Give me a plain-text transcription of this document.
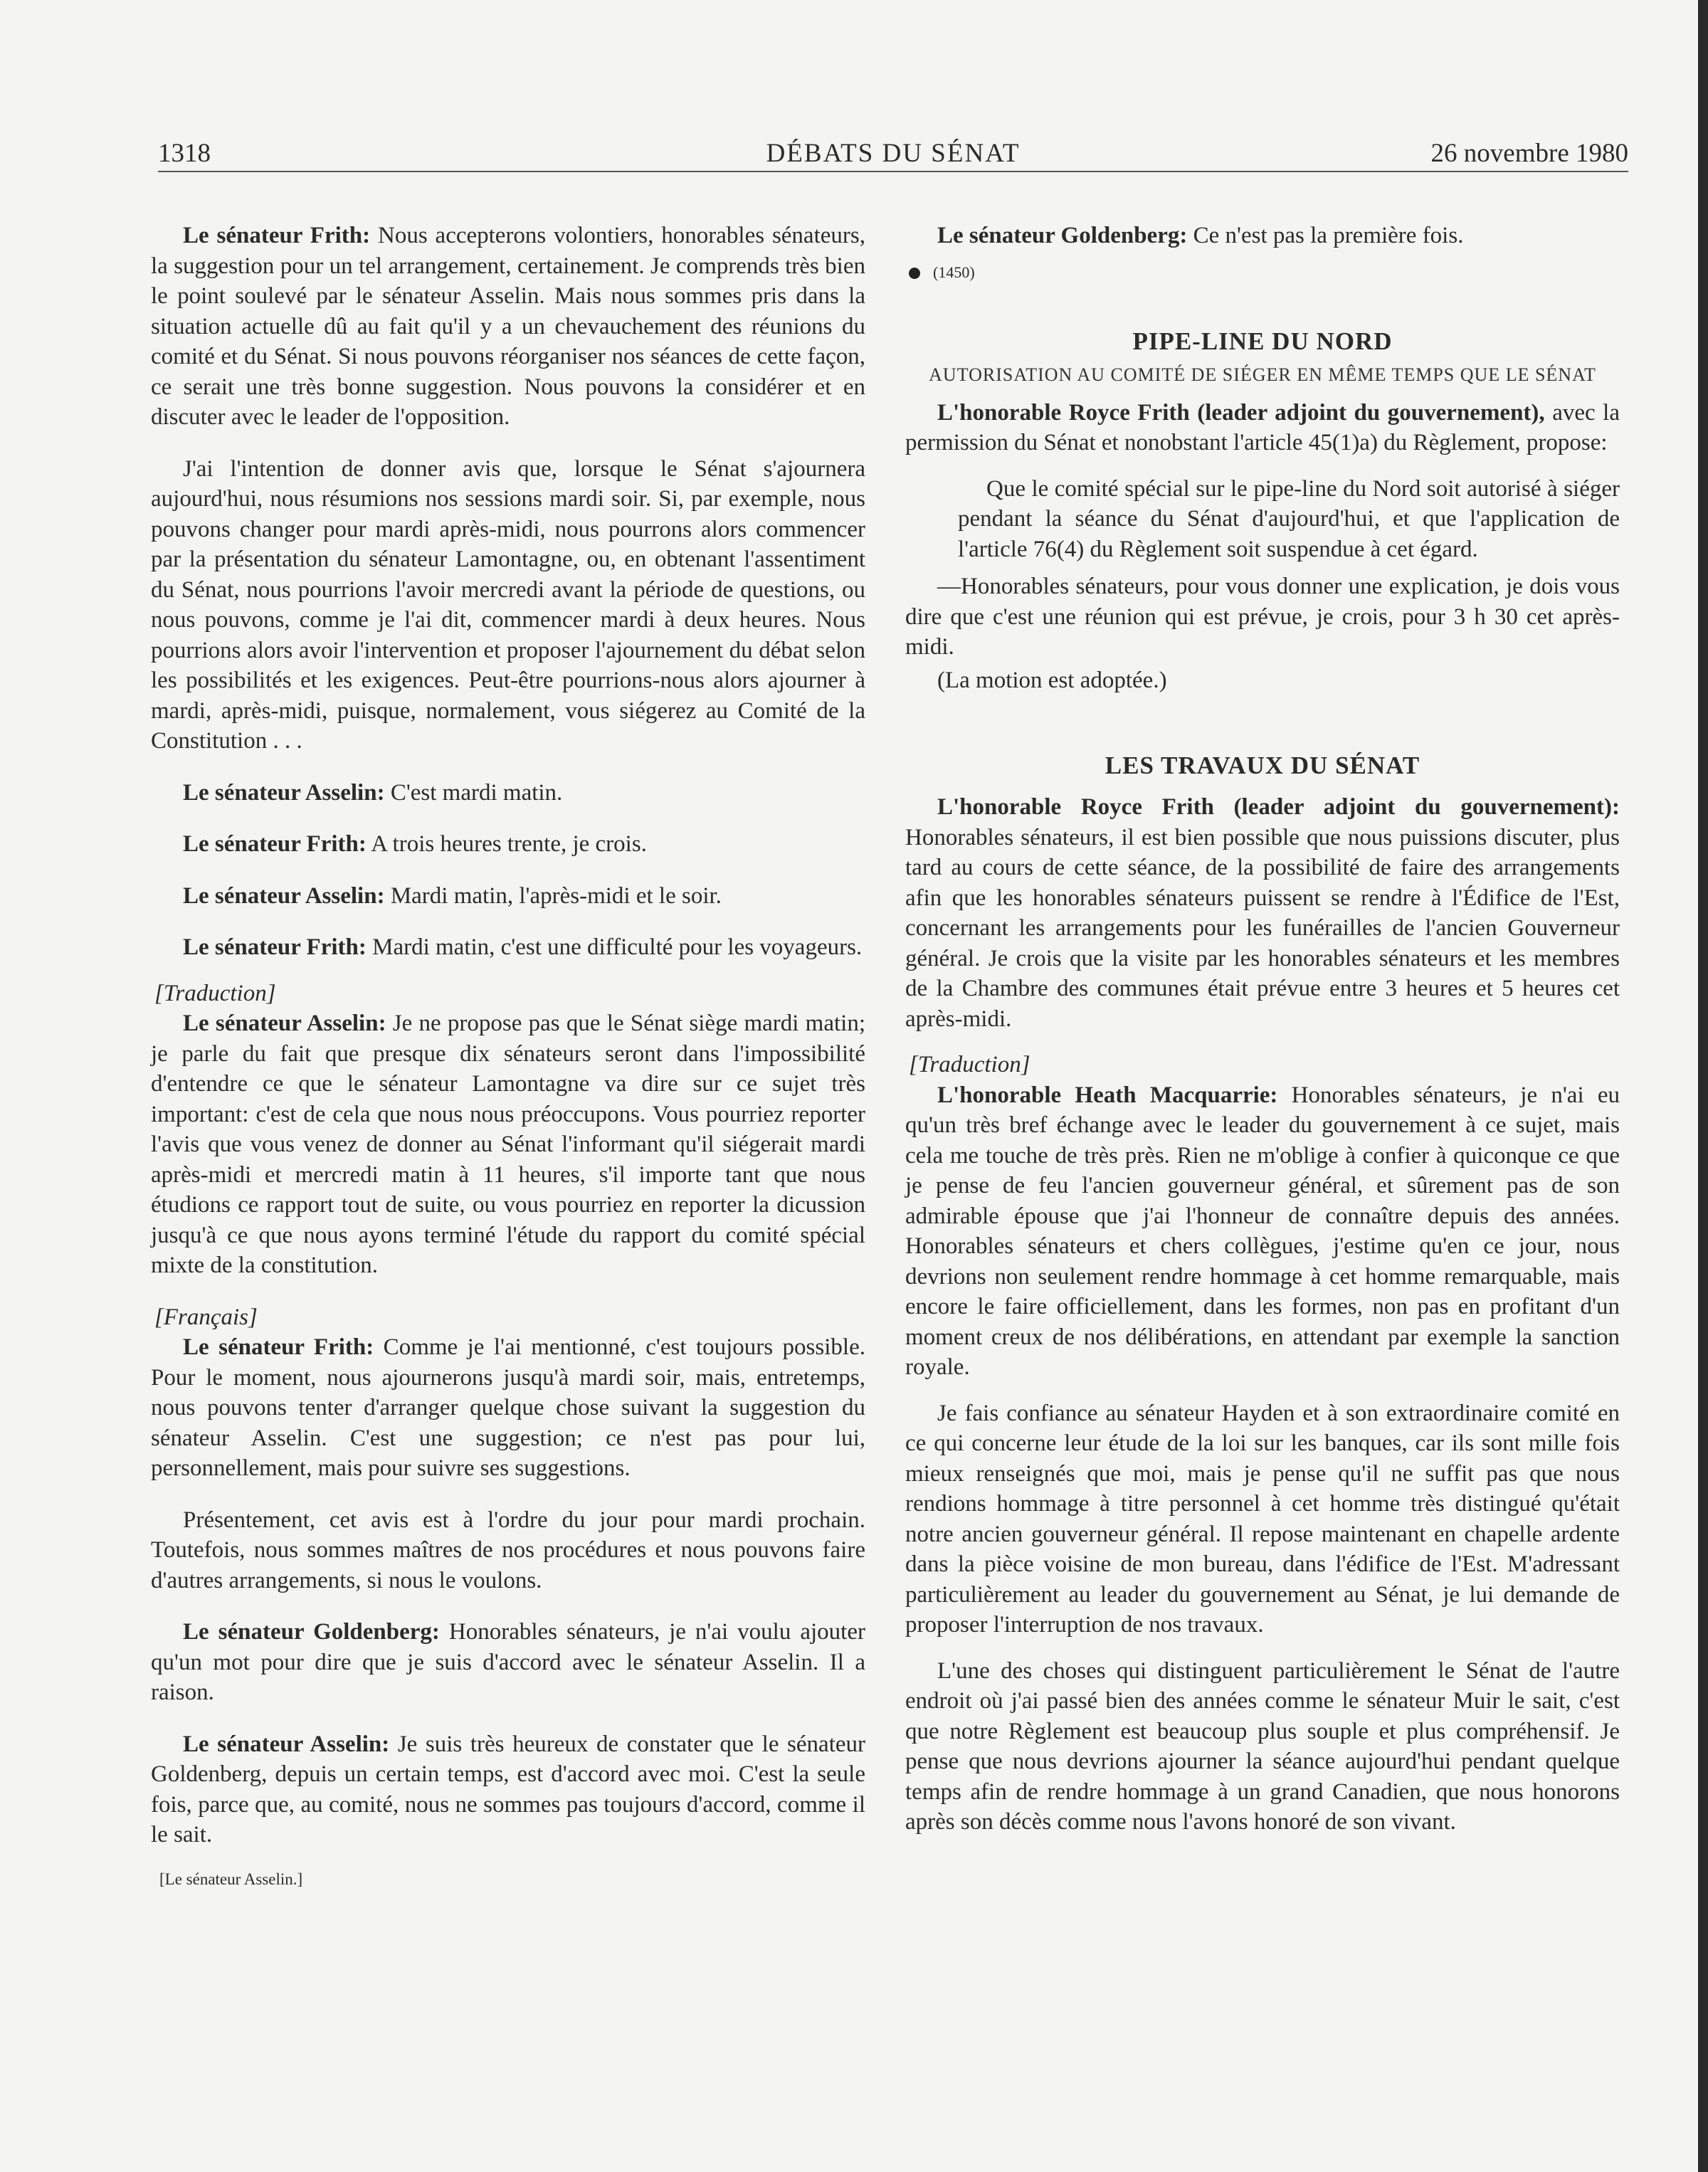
1318	DÉBATS DU SÉNAT	26 novembre 1980

Le sénateur Frith: Nous accepterons volontiers, honorables sénateurs, la suggestion pour un tel arrangement, certainement. Je comprends très bien le point soulevé par le sénateur Asselin. Mais nous sommes pris dans la situation actuelle dû au fait qu'il y a un chevauchement des réunions du comité et du Sénat. Si nous pouvons réorganiser nos séances de cette façon, ce serait une très bonne suggestion. Nous pouvons la considérer et en discuter avec le leader de l'opposition.

J'ai l'intention de donner avis que, lorsque le Sénat s'ajournera aujourd'hui, nous résumions nos sessions mardi soir. Si, par exemple, nous pouvons changer pour mardi après-midi, nous pourrons alors commencer par la présentation du sénateur Lamontagne, ou, en obtenant l'assentiment du Sénat, nous pourrions l'avoir mercredi avant la période de questions, ou nous pouvons, comme je l'ai dit, commencer mardi à deux heures. Nous pourrions alors avoir l'intervention et proposer l'ajournement du débat selon les possibilités et les exigences. Peut-être pourrions-nous alors ajourner à mardi, après-midi, puisque, normalement, vous siégerez au Comité de la Constitution . . .

Le sénateur Asselin: C'est mardi matin.

Le sénateur Frith: A trois heures trente, je crois.

Le sénateur Asselin: Mardi matin, l'après-midi et le soir.

Le sénateur Frith: Mardi matin, c'est une difficulté pour les voyageurs.

[Traduction]

Le sénateur Asselin: Je ne propose pas que le Sénat siège mardi matin; je parle du fait que presque dix sénateurs seront dans l'impossibilité d'entendre ce que le sénateur Lamontagne va dire sur ce sujet très important: c'est de cela que nous nous préoccupons. Vous pourriez reporter l'avis que vous venez de donner au Sénat l'informant qu'il siégerait mardi après-midi et mercredi matin à 11 heures, s'il importe tant que nous étudions ce rapport tout de suite, ou vous pourriez en reporter la dicussion jusqu'à ce que nous ayons terminé l'étude du rapport du comité spécial mixte de la constitution.

[Français]

Le sénateur Frith: Comme je l'ai mentionné, c'est toujours possible. Pour le moment, nous ajournerons jusqu'à mardi soir, mais, entretemps, nous pouvons tenter d'arranger quelque chose suivant la suggestion du sénateur Asselin. C'est une suggestion; ce n'est pas pour lui, personnellement, mais pour suivre ses suggestions.

Présentement, cet avis est à l'ordre du jour pour mardi prochain. Toutefois, nous sommes maîtres de nos procédures et nous pouvons faire d'autres arrangements, si nous le voulons.

Le sénateur Goldenberg: Honorables sénateurs, je n'ai voulu ajouter qu'un mot pour dire que je suis d'accord avec le sénateur Asselin. Il a raison.

Le sénateur Asselin: Je suis très heureux de constater que le sénateur Goldenberg, depuis un certain temps, est d'accord avec moi. C'est la seule fois, parce que, au comité, nous ne sommes pas toujours d'accord, comme il le sait.

[Le sénateur Asselin.]

Le sénateur Goldenberg: Ce n'est pas la première fois.

(1450)

PIPE-LINE DU NORD

AUTORISATION AU COMITÉ DE SIÉGER EN MÊME TEMPS QUE LE SÉNAT

L'honorable Royce Frith (leader adjoint du gouvernement), avec la permission du Sénat et nonobstant l'article 45(1)a) du Règlement, propose:

Que le comité spécial sur le pipe-line du Nord soit autorisé à siéger pendant la séance du Sénat d'aujourd'hui, et que l'application de l'article 76(4) du Règlement soit suspendue à cet égard.

—Honorables sénateurs, pour vous donner une explication, je dois vous dire que c'est une réunion qui est prévue, je crois, pour 3 h 30 cet après-midi.

(La motion est adoptée.)

LES TRAVAUX DU SÉNAT

L'honorable Royce Frith (leader adjoint du gouvernement): Honorables sénateurs, il est bien possible que nous puissions discuter, plus tard au cours de cette séance, de la possibilité de faire des arrangements afin que les honorables sénateurs puissent se rendre à l'Édifice de l'Est, concernant les arrangements pour les funérailles de l'ancien Gouverneur général. Je crois que la visite par les honorables sénateurs et les membres de la Chambre des communes était prévue entre 3 heures et 5 heures cet après-midi.

[Traduction]

L'honorable Heath Macquarrie: Honorables sénateurs, je n'ai eu qu'un très bref échange avec le leader du gouvernement à ce sujet, mais cela me touche de très près. Rien ne m'oblige à confier à quiconque ce que je pense de feu l'ancien gouverneur général, et sûrement pas de son admirable épouse que j'ai l'honneur de connaître depuis des années. Honorables sénateurs et chers collègues, j'estime qu'en ce jour, nous devrions non seulement rendre hommage à cet homme remarquable, mais encore le faire officiellement, dans les formes, non pas en profitant d'un moment creux de nos délibérations, en attendant par exemple la sanction royale.

Je fais confiance au sénateur Hayden et à son extraordinaire comité en ce qui concerne leur étude de la loi sur les banques, car ils sont mille fois mieux renseignés que moi, mais je pense qu'il ne suffit pas que nous rendions hommage à titre personnel à cet homme très distingué qu'était notre ancien gouverneur général. Il repose maintenant en chapelle ardente dans la pièce voisine de mon bureau, dans l'édifice de l'Est. M'adressant particulièrement au leader du gouvernement au Sénat, je lui demande de proposer l'interruption de nos travaux.

L'une des choses qui distinguent particulièrement le Sénat de l'autre endroit où j'ai passé bien des années comme le sénateur Muir le sait, c'est que notre Règlement est beaucoup plus souple et plus compréhensif. Je pense que nous devrions ajourner la séance aujourd'hui pendant quelque temps afin de rendre hommage à un grand Canadien, que nous honorons après son décès comme nous l'avons honoré de son vivant.
